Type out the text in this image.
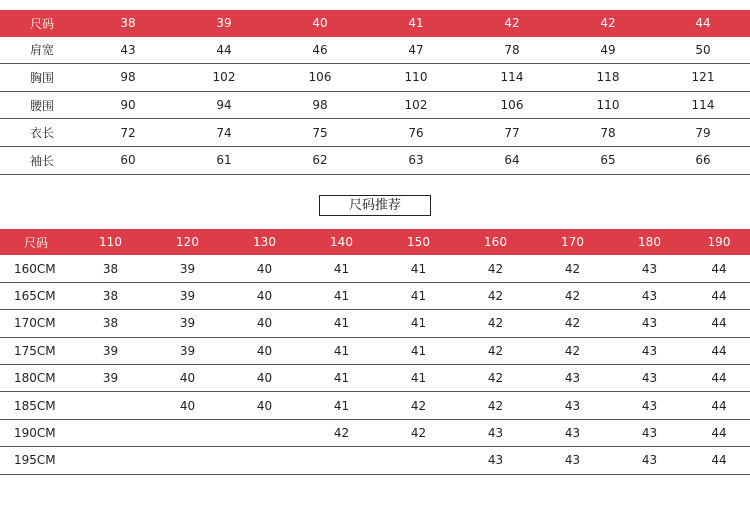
尺码	38	39	40	41	42	42	44
肩宽	43	44	46	47	78	49	50
胸围	98	102	106	110	114	118	121
腰围	90	94	98	102	106	110	114
衣长	72	74	75	76	77	78	79
袖长	60	61	62	63	64	65	66
尺码推荐
尺码	110	120	130	140	150	160	170	180	190
160CM	38	39	40	41	41	42	42	43	44
165CM	38	39	40	41	41	42	42	43	44
170CM	38	39	40	41	41	42	42	43	44
175CM	39	39	40	41	41	42	42	43	44
180CM	39	40	40	41	41	42	43	43	44
185CM		40	40	41	42	42	43	43	44
190CM				42	42	43	43	43	44
195CM						43	43	43	44
